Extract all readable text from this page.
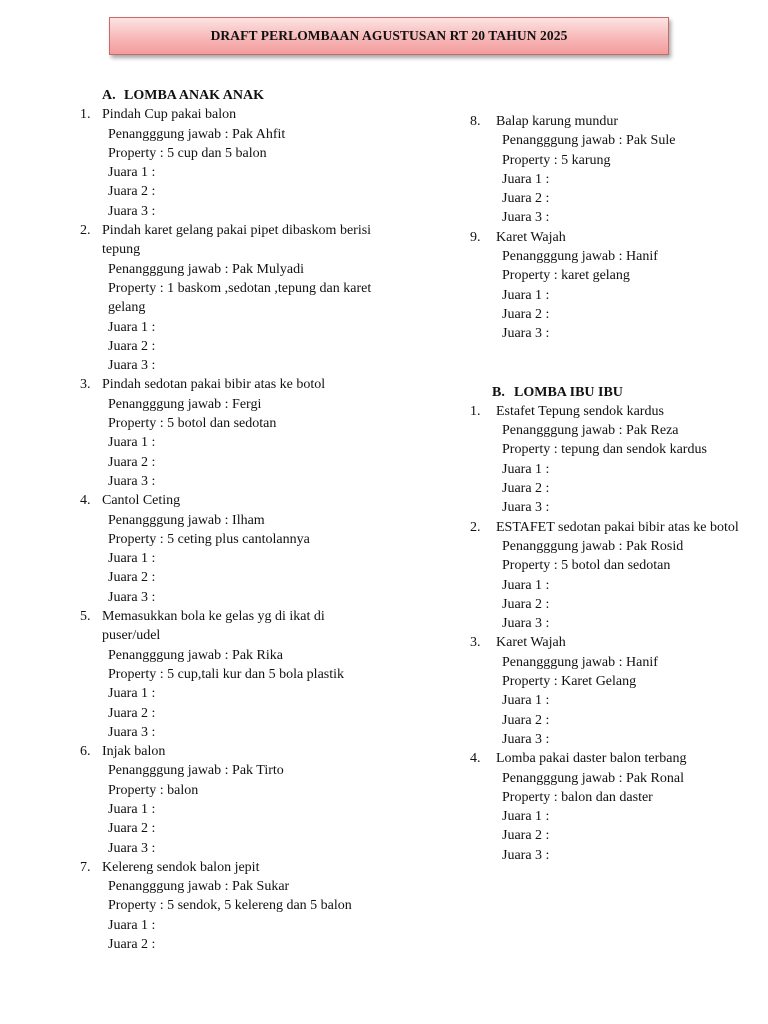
DRAFT PERLOMBAAN AGUSTUSAN RT 20 TAHUN 2025
A. LOMBA ANAK ANAK
1. Pindah Cup pakai balon
Penangggung jawab : Pak Ahfit
Property : 5 cup dan 5 balon
Juara 1 :
Juara 2 :
Juara 3 :
2. Pindah karet gelang pakai pipet dibaskom berisi tepung
Penangggung jawab : Pak Mulyadi
Property : 1 baskom ,sedotan ,tepung dan karet gelang
Juara 1 :
Juara 2 :
Juara 3 :
3. Pindah sedotan pakai bibir atas ke botol
Penangggung jawab : Fergi
Property : 5 botol dan sedotan
Juara 1 :
Juara 2 :
Juara 3 :
4. Cantol Ceting
Penangggung jawab : Ilham
Property : 5 ceting plus cantolannya
Juara 1 :
Juara 2 :
Juara 3 :
5. Memasukkan bola ke gelas yg di ikat di puser/udel
Penangggung jawab : Pak Rika
Property : 5 cup,tali kur dan 5 bola plastik
Juara 1 :
Juara 2 :
Juara 3 :
6. Injak balon
Penangggung jawab : Pak Tirto
Property : balon
Juara 1 :
Juara 2 :
Juara 3 :
7. Kelereng sendok balon jepit
Penangggung jawab : Pak Sukar
Property : 5 sendok, 5 kelereng dan 5 balon
Juara 1 :
Juara 2 :
8. Balap karung mundur
Penangggung jawab : Pak Sule
Property : 5 karung
Juara 1 :
Juara 2 :
Juara 3 :
9. Karet Wajah
Penangggung jawab : Hanif
Property : karet gelang
Juara 1 :
Juara 2 :
Juara 3 :
B. LOMBA IBU IBU
1. Estafet Tepung sendok kardus
Penangggung jawab : Pak Reza
Property : tepung dan sendok kardus
Juara 1 :
Juara 2 :
Juara 3 :
2. ESTAFET sedotan pakai bibir atas ke botol
Penangggung jawab : Pak Rosid
Property : 5 botol dan sedotan
Juara 1 :
Juara 2 :
Juara 3 :
3. Karet Wajah
Penangggung jawab : Hanif
Property : Karet Gelang
Juara 1 :
Juara 2 :
Juara 3 :
4. Lomba pakai daster balon terbang
Penangggung jawab : Pak Ronal
Property : balon dan daster
Juara 1 :
Juara 2 :
Juara 3 :
